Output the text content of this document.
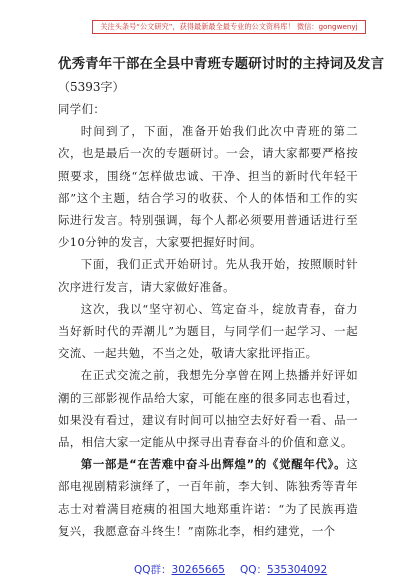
关注头条号“公文研究”，获得最新最全最专业的公文资料库！ 微信：gongwenyj
优秀青年干部在全县中青班专题研讨时的主持词及发言
（5393字）

同学们：

时间到了，下面，准备开始我们此次中青班的第二次，也是最后一次的专题研讨。一会，请大家都要严格按照要求，围绕“怎样做忠诚、干净、担当的新时代年轻干部”这个主题，结合学习的收获、个人的体悟和工作的实际进行发言。特别强调，每个人都必须要用普通话进行至少10分钟的发言，大家要把握好时间。

下面，我们正式开始研讨。先从我开始，按照顺时针次序进行发言，请大家做好准备。

这次，我以“坚守初心、笃定奋斗，绽放青春，奋力当好新时代的弄潮儿”为题目，与同学们一起学习、一起交流、一起共勉，不当之处，敬请大家批评指正。

在正式交流之前，我想先分享曾在网上热播并好评如潮的三部影视作品给大家，可能在座的很多同志也看过，如果没有看过，建议有时间可以抽空去好好看一看、品一品，相信大家一定能从中探寻出青春奋斗的价值和意义。

第一部是“在苦难中奋斗出辉煌”的《觉醒年代》。这部电视剧精彩演绎了，一百年前，李大钊、陈独秀等青年志士对着满目疮痍的祖国大地郑重许诺：“为了民族再造复兴，我愿意奋斗终生！”南陈北李，相约建党，一个

QQ群：30265665 QQ：535304092
